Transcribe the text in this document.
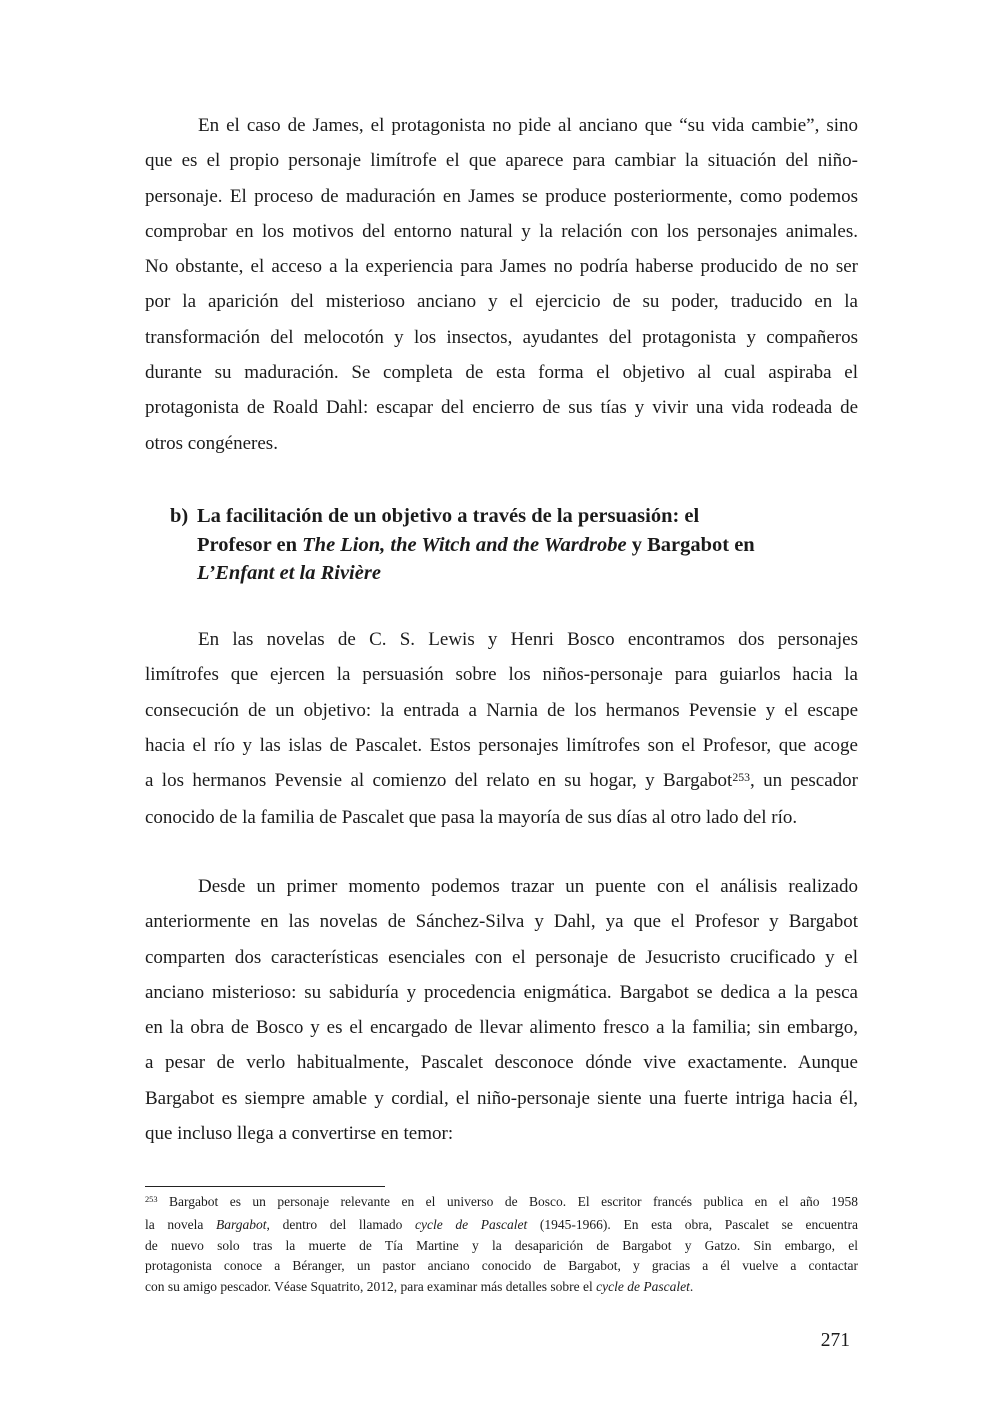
En el caso de James, el protagonista no pide al anciano que “su vida cambie”, sino
que es el propio personaje limítrofe el que aparece para cambiar la situación del niño-
personaje. El proceso de maduración en James se produce posteriormente, como podemos
comprobar en los motivos del entorno natural y la relación con los personajes animales.
No obstante, el acceso a la experiencia para James no podría haberse producido de no ser
por la aparición del misterioso anciano y el ejercicio de su poder, traducido en la
transformación del melocotón y los insectos, ayudantes del protagonista y compañeros
durante su maduración. Se completa de esta forma el objetivo al cual aspiraba el
protagonista de Roald Dahl: escapar del encierro de sus tías y vivir una vida rodeada de
otros congéneres.
b) La facilitación de un objetivo a través de la persuasión: el
Profesor en The Lion, the Witch and the Wardrobe y Bargabot en
L’Enfant et la Rivière
En las novelas de C. S. Lewis y Henri Bosco encontramos dos personajes
limítrofes que ejercen la persuasión sobre los niños-personaje para guiarlos hacia la
consecución de un objetivo: la entrada a Narnia de los hermanos Pevensie y el escape
hacia el río y las islas de Pascalet. Estos personajes limítrofes son el Profesor, que acoge
a los hermanos Pevensie al comienzo del relato en su hogar, y Bargabot$^{253}$, un pescador
conocido de la familia de Pascalet que pasa la mayoría de sus días al otro lado del río.
Desde un primer momento podemos trazar un puente con el análisis realizado
anteriormente en las novelas de Sánchez-Silva y Dahl, ya que el Profesor y Bargabot
comparten dos características esenciales con el personaje de Jesucristo crucificado y el
anciano misterioso: su sabiduría y procedencia enigmática. Bargabot se dedica a la pesca
en la obra de Bosco y es el encargado de llevar alimento fresco a la familia; sin embargo,
a pesar de verlo habitualmente, Pascalet desconoce dónde vive exactamente. Aunque
Bargabot es siempre amable y cordial, el niño-personaje siente una fuerte intriga hacia él,
que incluso llega a convertirse en temor:
$^{253}$ Bargabot es un personaje relevante en el universo de Bosco. El escritor francés publica en el año 1958
la novela Bargabot, dentro del llamado cycle de Pascalet (1945-1966). En esta obra, Pascalet se encuentra
de nuevo solo tras la muerte de Tía Martine y la desaparición de Bargabot y Gatzo. Sin embargo, el
protagonista conoce a Béranger, un pastor anciano conocido de Bargabot, y gracias a él vuelve a contactar
con su amigo pescador. Véase Squatrito, 2012, para examinar más detalles sobre el cycle de Pascalet.
271
